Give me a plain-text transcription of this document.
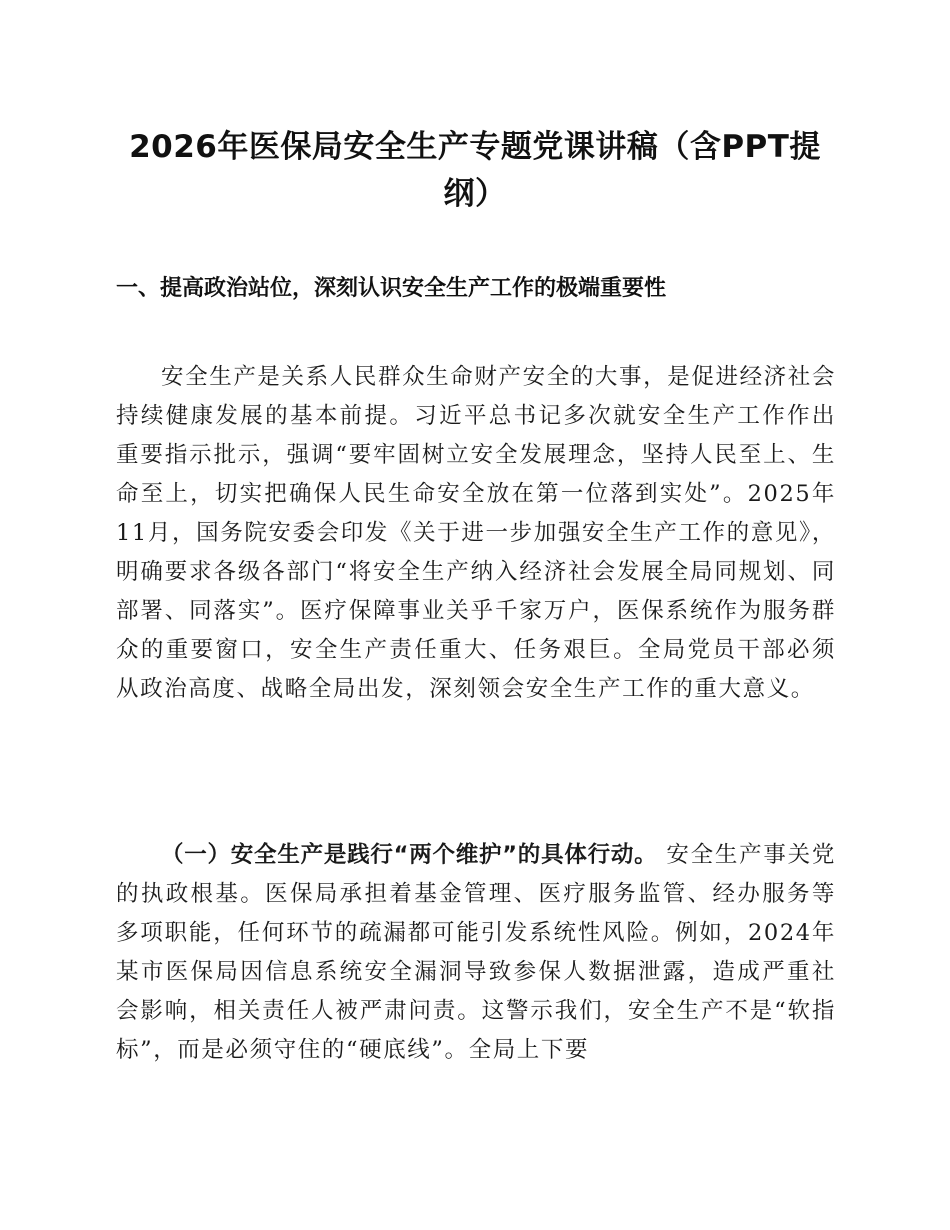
2026年医保局安全生产专题党课讲稿（含PPT提纲）
一、提高政治站位，深刻认识安全生产工作的极端重要性

安全生产是关系人民群众生命财产安全的大事，是促进经济社会持续健康发展的基本前提。习近平总书记多次就安全生产工作作出重要指示批示，强调“要牢固树立安全发展理念，坚持人民至上、生命至上，切实把确保人民生命安全放在第一位落到实处”。2025年11月，国务院安委会印发《关于进一步加强安全生产工作的意见》，明确要求各级各部门“将安全生产纳入经济社会发展全局同规划、同部署、同落实”。医疗保障事业关乎千家万户，医保系统作为服务群众的重要窗口，安全生产责任重大、任务艰巨。全局党员干部必须从政治高度、战略全局出发，深刻领会安全生产工作的重大意义。

（一）安全生产是践行“两个维护”的具体行动。 安全生产事关党的执政根基。医保局承担着基金管理、医疗服务监管、经办服务等多项职能，任何环节的疏漏都可能引发系统性风险。例如，2024年某市医保局因信息系统安全漏洞导致参保人数据泄露，造成严重社会影响，相关责任人被严肃问责。这警示我们，安全生产不是“软指标”，而是必须守住的“硬底线”。全局上下要
